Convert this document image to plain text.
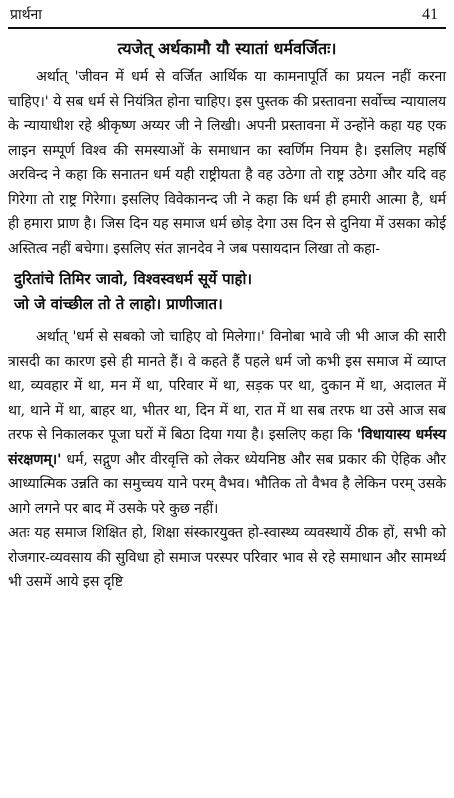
प्रार्थना	41
त्यजेत् अर्थकामौ यौ स्यातां धर्मवर्जितः।

अर्थात् 'जीवन में धर्म से वर्जित आर्थिक या कामनापूर्ति का प्रयत्न नहीं करना चाहिए।' ये सब धर्म से नियंत्रित होना चाहिए। इस पुस्तक की प्रस्तावना सर्वोच्च न्यायालय के न्यायाधीश रहे श्रीकृष्ण अय्यर जी ने लिखी। अपनी प्रस्तावना में उन्होंने कहा यह एक लाइन सम्पूर्ण विश्व की समस्याओं के समाधान का स्वर्णिम नियम है। इसलिए महर्षि अरविन्द ने कहा कि सनातन धर्म यही राष्ट्रीयता है वह उठेगा तो राष्ट्र उठेगा और यदि वह गिरेगा तो राष्ट्र गिरेगा। इसलिए विवेकानन्द जी ने कहा कि धर्म ही हमारी आत्मा है, धर्म ही हमारा प्राण है। जिस दिन यह समाज धर्म छोड़ देगा उस दिन से दुनिया में उसका कोई अस्तित्व नहीं बचेगा। इसलिए संत ज्ञानदेव ने जब पसायदान लिखा तो कहा-

दुरितांचे तिमिर जावो, विश्वस्वधर्म सूर्ये पाहो।
जो जे वांच्छील तो ते लाहो। प्राणीजात।

अर्थात् 'धर्म से सबको जो चाहिए वो मिलेगा।' विनोबा भावे जी भी आज की सारी त्रासदी का कारण इसे ही मानते हैं। वे कहते हैं पहले धर्म जो कभी इस समाज में व्याप्त था, व्यवहार में था, मन में था, परिवार में था, सड़क पर था, दुकान में था, अदालत में था, थाने में था, बाहर था, भीतर था, दिन में था, रात में था सब तरफ था उसे आज सब तरफ से निकालकर पूजा घरों में बिठा दिया गया है। इसलिए कहा कि 'विधायास्य धर्मस्य संरक्षणम्।' धर्म, सद्गुण और वीरवृत्ति को लेकर ध्येयनिष्ठ और सब प्रकार की ऐहिक और आध्यात्मिक उन्नति का समुच्चय याने परम् वैभव। भौतिक तो वैभव है लेकिन परम् उसके आगे लगने पर बाद में उसके परे कुछ नहीं।

अतः यह समाज शिक्षित हो, शिक्षा संस्कारयुक्त हो-स्वास्थ्य व्यवस्थायें ठीक हों, सभी को रोजगार-व्यवसाय की सुविधा हो समाज परस्पर परिवार भाव से रहे समाधान और सामर्थ्य भी उसमें आये इस दृष्टि
